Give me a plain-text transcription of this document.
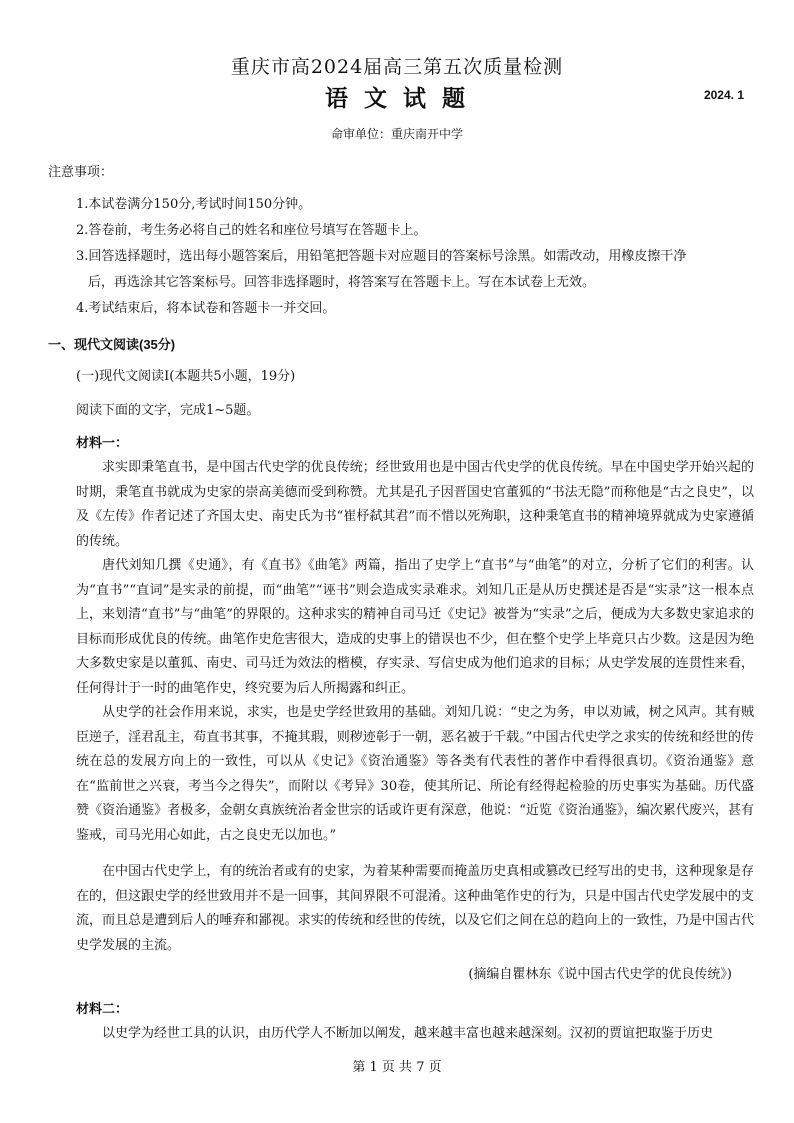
重庆市高2024届高三第五次质量检测
语 文 试 题	2024. 1
命审单位：重庆南开中学

注意事项：

1.本试卷满分150分,考试时间150分钟。

2.答卷前，考生务必将自己的姓名和座位号填写在答题卡上。

3.回答选择题时，选出每小题答案后，用铅笔把答题卡对应题目的答案标号涂黑。如需改动，用橡皮擦干净

后，再选涂其它答案标号。回答非选择题时，将答案写在答题卡上。写在本试卷上无效。

4.考试结束后，将本试卷和答题卡一并交回。

一、现代文阅读(35分)

(一)现代文阅读Ⅰ(本题共5小题，19分)

阅读下面的文字，完成1~5题。

材料一：

求实即秉笔直书，是中国古代史学的优良传统；经世致用也是中国古代史学的优良传统。早在中国史学开始兴起的时期，秉笔直书就成为史家的崇高美德而受到称赞。尤其是孔子因晋国史官董狐的“书法无隐”而称他是“古之良史”，以及《左传》作者记述了齐国太史、南史氏为书“崔杼弑其君”而不惜以死殉职，这种秉笔直书的精神境界就成为史家遵循的传统。

唐代刘知几撰《史通》，有《直书》《曲笔》两篇，指出了史学上“直书”与“曲笔”的对立，分析了它们的利害。认为“直书”“直词”是实录的前提，而“曲笔”“诬书”则会造成实录难求。刘知几正是从历史撰述是否是“实录”这一根本点上，来划清“直书”与“曲笔”的界限的。这种求实的精神自司马迁《史记》被誉为“实录”之后，便成为大多数史家追求的目标而形成优良的传统。曲笔作史危害很大，造成的史事上的错误也不少，但在整个史学上毕竟只占少数。这是因为绝大多数史家是以董狐、南史、司马迁为效法的楷模，存实录、写信史成为他们追求的目标；从史学发展的连贯性来看，任何得计于一时的曲笔作史，终究要为后人所揭露和纠正。

从史学的社会作用来说，求实，也是史学经世致用的基础。刘知几说：“史之为务，申以劝诫，树之风声。其有贼臣逆子，淫君乱主，苟直书其事，不掩其瑕，则秽迹彰于一朝，恶名被于千载。”中国古代史学之求实的传统和经世的传统在总的发展方向上的一致性，可以从《史记》《资治通鉴》等各类有代表性的著作中看得很真切。《资治通鉴》意在“监前世之兴衰，考当今之得失”，而附以《考异》30卷，使其所记、所论有经得起检验的历史事实为基础。历代盛赞《资治通鉴》者极多，金朝女真族统治者金世宗的话或许更有深意，他说：“近览《资治通鉴》，编次累代废兴，甚有鉴戒，司马光用心如此，古之良史无以加也。”

在中国古代史学上，有的统治者或有的史家，为着某种需要而掩盖历史真相或篡改已经写出的史书，这种现象是存在的，但这跟史学的经世致用并不是一回事，其间界限不可混淆。这种曲笔作史的行为，只是中国古代史学发展中的支流，而且总是遭到后人的唾弃和鄙视。求实的传统和经世的传统，以及它们之间在总的趋向上的一致性，乃是中国古代史学发展的主流。

(摘编自瞿林东《说中国古代史学的优良传统》)

材料二：

以史学为经世工具的认识，由历代学人不断加以阐发，越来越丰富也越来越深刻。汉初的贾谊把取鉴于历史

第 1 页 共 7 页
